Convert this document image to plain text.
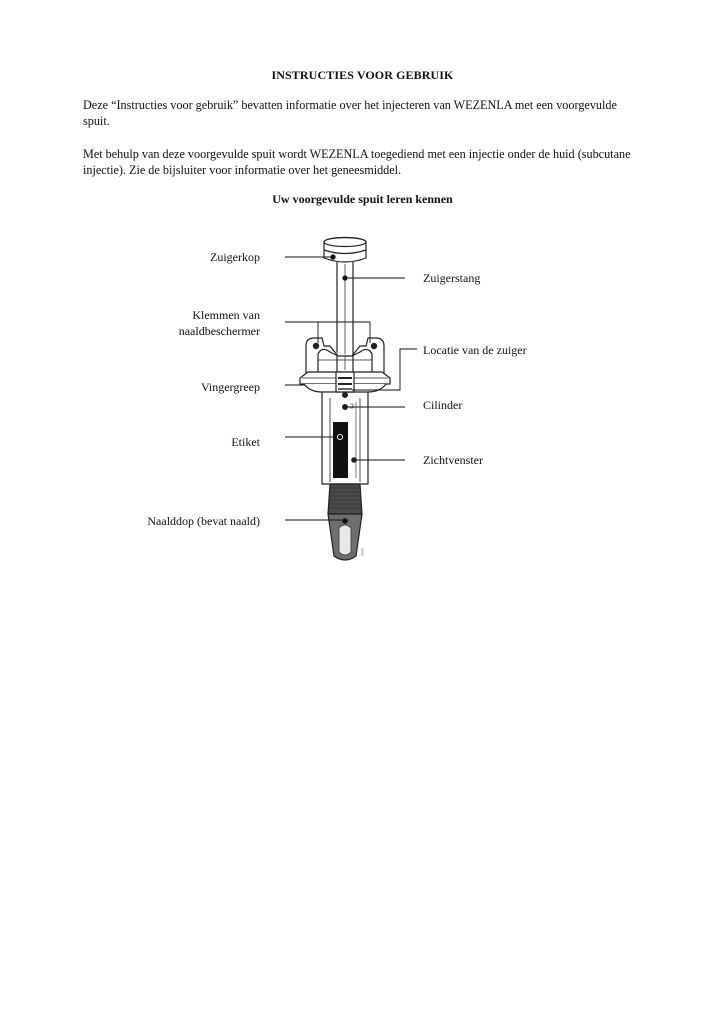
INSTRUCTIES VOOR GEBRUIK

Deze “Instructies voor gebruik” bevatten informatie over het injecteren van WEZENLA met een voorgevulde spuit.

Met behulp van deze voorgevulde spuit wordt WEZENLA toegediend met een injectie onder de huid (subcutane injectie). Zie de bijsluiter voor informatie over het geneesmiddel.

Uw voorgevulde spuit leren kennen
0000
Zuigerkop
Zuigerstang
Klemmen van
naaldbeschermer
Locatie van de zuiger
Vingergreep
Cilinder
Etiket
Zichtvenster
Naalddop (bevat naald)
